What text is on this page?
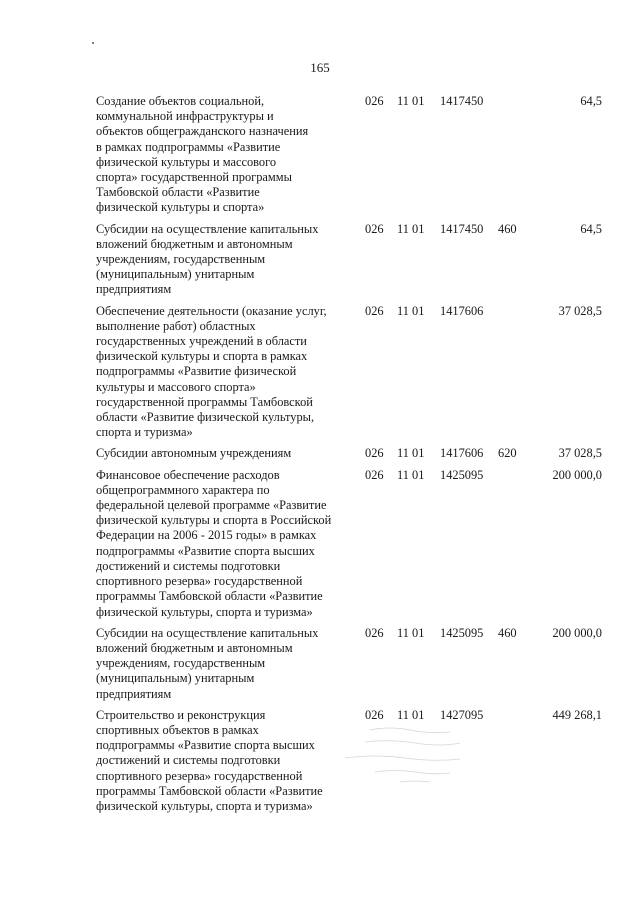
165
Создание объектов социальной,
коммунальной инфраструктуры и
объектов общегражданского назначения
в рамках подпрограммы «Развитие
физической культуры и массового
спорта» государственной программы
Тамбовской области «Развитие
физической культуры и спорта»
026 11 01 1417450	64,5
Субсидии на осуществление капитальных
вложений бюджетным и автономным
учреждениям, государственным
(муниципальным) унитарным
предприятиям
026 11 01 1417450 460	64,5
Обеспечение деятельности (оказание услуг,
выполнение работ) областных
государственных учреждений в области
физической культуры и спорта в рамках
подпрограммы «Развитие физической
культуры и массового спорта»
государственной программы Тамбовской
области «Развитие физической культуры,
спорта и туризма»
026 11 01 1417606	37 028,5
Субсидии автономным учреждениям	026 11 01 1417606 620	37 028,5
Финансовое обеспечение расходов
общепрограммного характера по
федеральной целевой программе «Развитие
физической культуры и спорта в Российской
Федерации на 2006 - 2015 годы» в рамках
подпрограммы «Развитие спорта высших
достижений и системы подготовки
спортивного резерва» государственной
программы Тамбовской области «Развитие
физической культуры, спорта и туризма»
026 11 01 1425095	200 000,0
Субсидии на осуществление капитальных
вложений бюджетным и автономным
учреждениям, государственным
(муниципальным) унитарным
предприятиям
026 11 01 1425095 460	200 000,0
Строительство и реконструкция
спортивных объектов в рамках
подпрограммы «Развитие спорта высших
достижений и системы подготовки
спортивного резерва» государственной
программы Тамбовской области «Развитие
физической культуры, спорта и туризма»
026 11 01 1427095	449 268,1
